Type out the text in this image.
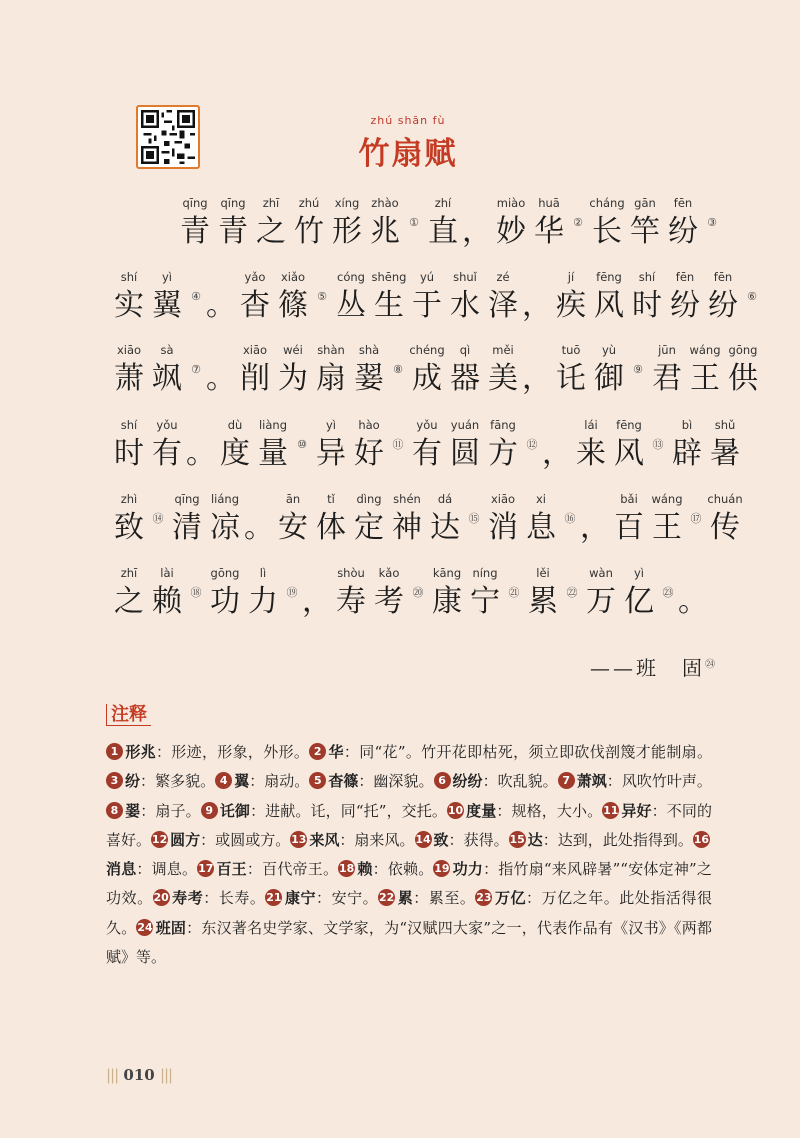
zhú shān fù
竹扇赋
qīng
青
qīng
青
zhī
之
zhú
竹
xíng
形
zhào
兆 ①
zhí
直 ，
miào
妙
huā
华 ②
cháng
长
gān
竿
fēn
纷 ③
shí
实
yì
翼 ④ 。
yǎo
杳
xiǎo
篠 ⑤
cóng
丛
shēng
生
yú
于
shuǐ
水
zé
泽 ，
jí
疾
fēng
风
shí
时
fēn
纷
fēn
纷 ⑥
xiāo
萧
sà
飒 ⑦ 。
xiāo
削
wéi
为
shàn
扇
shà
翣 ⑧
chéng
成
qì
器
měi
美 ，
tuō
讬
yù
御 ⑨
jūn
君
wáng
王
gōng
供
shí
时
yǒu
有 。
dù
度
liàng
量 ⑩
yì
异
hào
好 ⑪
yǒu
有
yuán
圆
fāng
方 ⑫ ，
lái
来
fēng
风 ⑬
bì
辟
shǔ
暑
zhì
致 ⑭
qīng
清
liáng
凉 。
ān
安
tǐ
体
dìng
定
shén
神
dá
达 ⑮
xiāo
消
xi
息 ⑯ ，
bǎi
百
wáng
王 ⑰
chuán
传
zhī
之
lài
赖 ⑱
gōng
功
lì
力 ⑲ ，
shòu
寿
kǎo
考 ⑳
kāng
康
níng
宁 ㉑
lěi
累 ㉒
wàn
万
yì
亿 ㉓ 。
——班　固$^㉔$
注释
1 形兆：形迹，形象，外形。 2 华：同“花”。竹开花即枯死，须立即砍伐剖篾才能制扇。3 纷：繁多貌。 4 翼：扇动。 5 杳篠：幽深貌。 6 纷纷：吹乱貌。 7 萧飒：风吹竹叶声。8 翣：扇子。 9 讬御：进献。讬，同“托”，交托。10 度量：规格，大小。11 异好：不同的喜好。12 圆方：或圆或方。13 来风：扇来风。14 致：获得。15 达：达到，此处指得到。16消息：调息。17 百王：百代帝王。18 赖：依赖。19 功力：指竹扇“来风辟暑”“安体定神”之功效。20 寿考：长寿。21 康宁：安宁。22 累：累至。23 万亿：万亿之年。此处指活得很久。24 班固：东汉著名史学家、文学家，为“汉赋四大家”之一，代表作品有《汉书》《两都赋》等。
||| 010 |||
